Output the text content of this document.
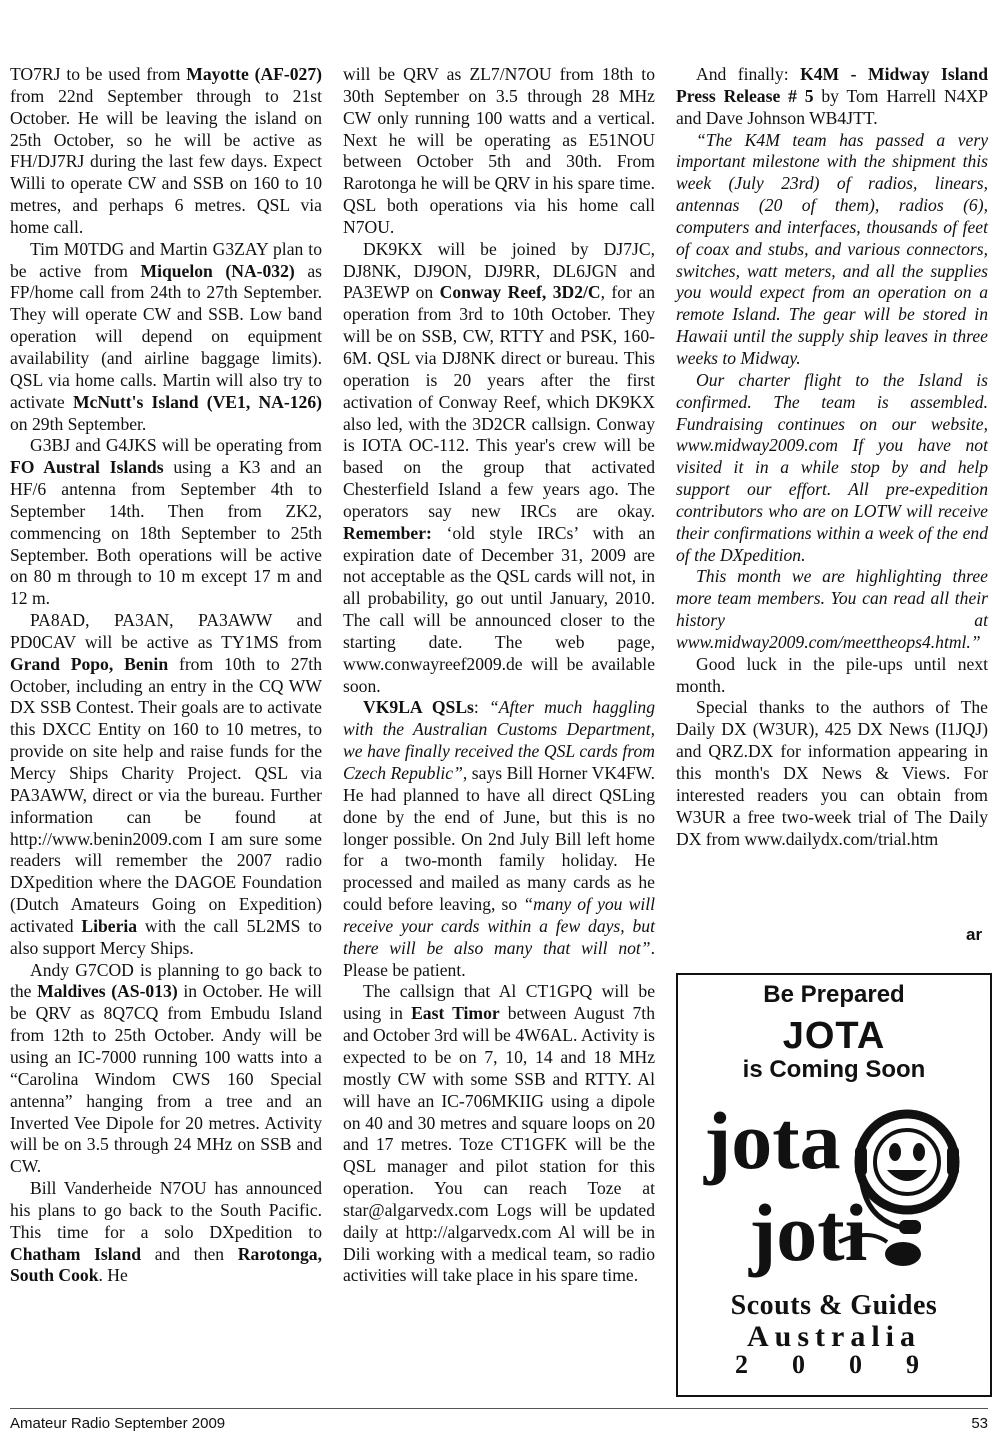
TO7RJ to be used from Mayotte (AF-027) from 22nd September through to 21st October. He will be leaving the island on 25th October, so he will be active as FH/DJ7RJ during the last few days. Expect Willi to operate CW and SSB on 160 to 10 metres, and perhaps 6 metres. QSL via home call.

Tim M0TDG and Martin G3ZAY plan to be active from Miquelon (NA-032) as FP/home call from 24th to 27th September. They will operate CW and SSB. Low band operation will depend on equipment availability (and airline baggage limits). QSL via home calls. Martin will also try to activate McNutt's Island (VE1, NA-126) on 29th September.

G3BJ and G4JKS will be operating from FO Austral Islands using a K3 and an HF/6 antenna from September 4th to September 14th. Then from ZK2, commencing on 18th September to 25th September. Both operations will be active on 80 m through to 10 m except 17 m and 12 m.

PA8AD, PA3AN, PA3AWW and PD0CAV will be active as TY1MS from Grand Popo, Benin from 10th to 27th October, including an entry in the CQ WW DX SSB Contest. Their goals are to activate this DXCC Entity on 160 to 10 metres, to provide on site help and raise funds for the Mercy Ships Charity Project. QSL via PA3AWW, direct or via the bureau. Further information can be found at http://www.benin2009.com I am sure some readers will remember the 2007 radio DXpedition where the DAGOE Foundation (Dutch Amateurs Going on Expedition) activated Liberia with the call 5L2MS to also support Mercy Ships.

Andy G7COD is planning to go back to the Maldives (AS-013) in October. He will be QRV as 8Q7CQ from Embudu Island from 12th to 25th October. Andy will be using an IC-7000 running 100 watts into a “Carolina Windom CWS 160 Special antenna” hanging from a tree and an Inverted Vee Dipole for 20 metres. Activity will be on 3.5 through 24 MHz on SSB and CW.

Bill Vanderheide N7OU has announced his plans to go back to the South Pacific. This time for a solo DXpedition to Chatham Island and then Rarotonga, South Cook. He

will be QRV as ZL7/N7OU from 18th to 30th September on 3.5 through 28 MHz CW only running 100 watts and a vertical. Next he will be operating as E51NOU between October 5th and 30th. From Rarotonga he will be QRV in his spare time. QSL both operations via his home call N7OU.

DK9KX will be joined by DJ7JC, DJ8NK, DJ9ON, DJ9RR, DL6JGN and PA3EWP on Conway Reef, 3D2/C, for an operation from 3rd to 10th October. They will be on SSB, CW, RTTY and PSK, 160-6M. QSL via DJ8NK direct or bureau. This operation is 20 years after the first activation of Conway Reef, which DK9KX also led, with the 3D2CR callsign. Conway is IOTA OC-112. This year's crew will be based on the group that activated Chesterfield Island a few years ago. The operators say new IRCs are okay. Remember: ‘old style IRCs’ with an expiration date of December 31, 2009 are not acceptable as the QSL cards will not, in all probability, go out until January, 2010. The call will be announced closer to the starting date. The web page, www.conwayreef2009.de will be available soon.

VK9LA QSLs: “After much haggling with the Australian Customs Department, we have finally received the QSL cards from Czech Republic”, says Bill Horner VK4FW. He had planned to have all direct QSLing done by the end of June, but this is no longer possible. On 2nd July Bill left home for a two-month family holiday. He processed and mailed as many cards as he could before leaving, so “many of you will receive your cards within a few days, but there will be also many that will not”. Please be patient.

The callsign that Al CT1GPQ will be using in East Timor between August 7th and October 3rd will be 4W6AL. Activity is expected to be on 7, 10, 14 and 18 MHz mostly CW with some SSB and RTTY. Al will have an IC-706MKIIG using a dipole on 40 and 30 metres and square loops on 20 and 17 metres. Toze CT1GFK will be the QSL manager and pilot station for this operation. You can reach Toze at star@algarvedx.com Logs will be updated daily at http://algarvedx.com Al will be in Dili working with a medical team, so radio activities will take place in his spare time.

And finally: K4M - Midway Island Press Release # 5 by Tom Harrell N4XP and Dave Johnson WB4JTT.

“The K4M team has passed a very important milestone with the shipment this week (July 23rd) of radios, linears, antennas (20 of them), radios (6), computers and interfaces, thousands of feet of coax and stubs, and various connectors, switches, watt meters, and all the supplies you would expect from an operation on a remote Island. The gear will be stored in Hawaii until the supply ship leaves in three weeks to Midway.

Our charter flight to the Island is confirmed. The team is assembled. Fundraising continues on our website, www.midway2009.com If you have not visited it in a while stop by and help support our effort. All pre-expedition contributors who are on LOTW will receive their confirmations within a week of the end of the DXpedition.

This month we are highlighting three more team members. You can read all their history at www.midway2009.com/meettheops4.html.”

Good luck in the pile-ups until next month.

Special thanks to the authors of The Daily DX (W3UR), 425 DX News (I1JQJ) and QRZ.DX for information appearing in this month's DX News & Views. For interested readers you can obtain from W3UR a free two-week trial of The Daily DX from www.dailydx.com/trial.htm

ar
Be Prepared
JOTA
is Coming Soon
jota
joti
Scouts & Guides
Australia
2009
Amateur Radio September 2009	53
